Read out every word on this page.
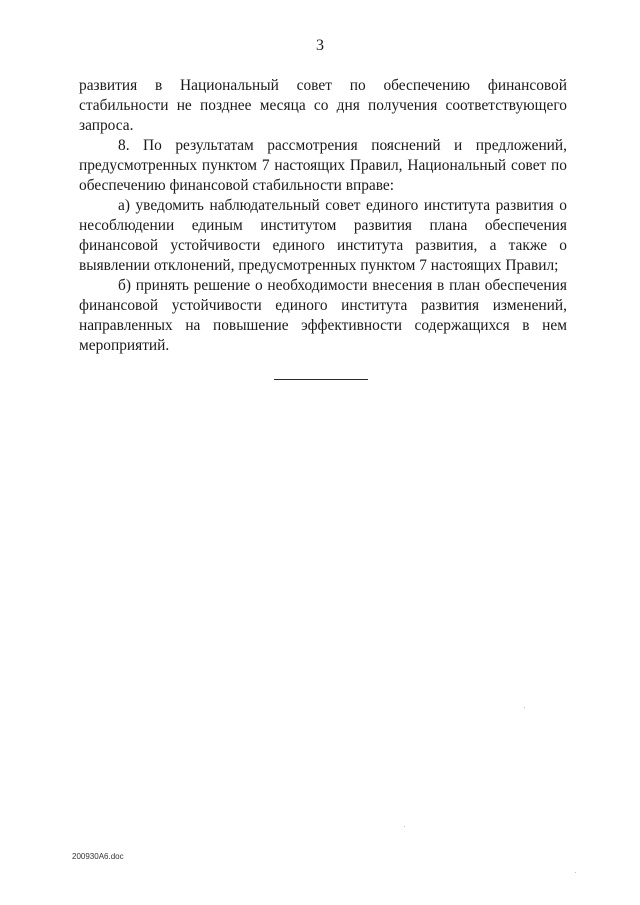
3

развития в Национальный совет по обеспечению финансовой стабильности не позднее месяца со дня получения соответствующего запроса.

8. По результатам рассмотрения пояснений и предложений, предусмотренных пунктом 7 настоящих Правил, Национальный совет по обеспечению финансовой стабильности вправе:

а) уведомить наблюдательный совет единого института развития о несоблюдении единым институтом развития плана обеспечения финансовой устойчивости единого института развития, а также о выявлении отклонений, предусмотренных пунктом 7 настоящих Правил;

б) принять решение о необходимости внесения в план обеспечения финансовой устойчивости единого института развития изменений, направленных на повышение эффективности содержащихся в нем мероприятий.

200930A6.doc
